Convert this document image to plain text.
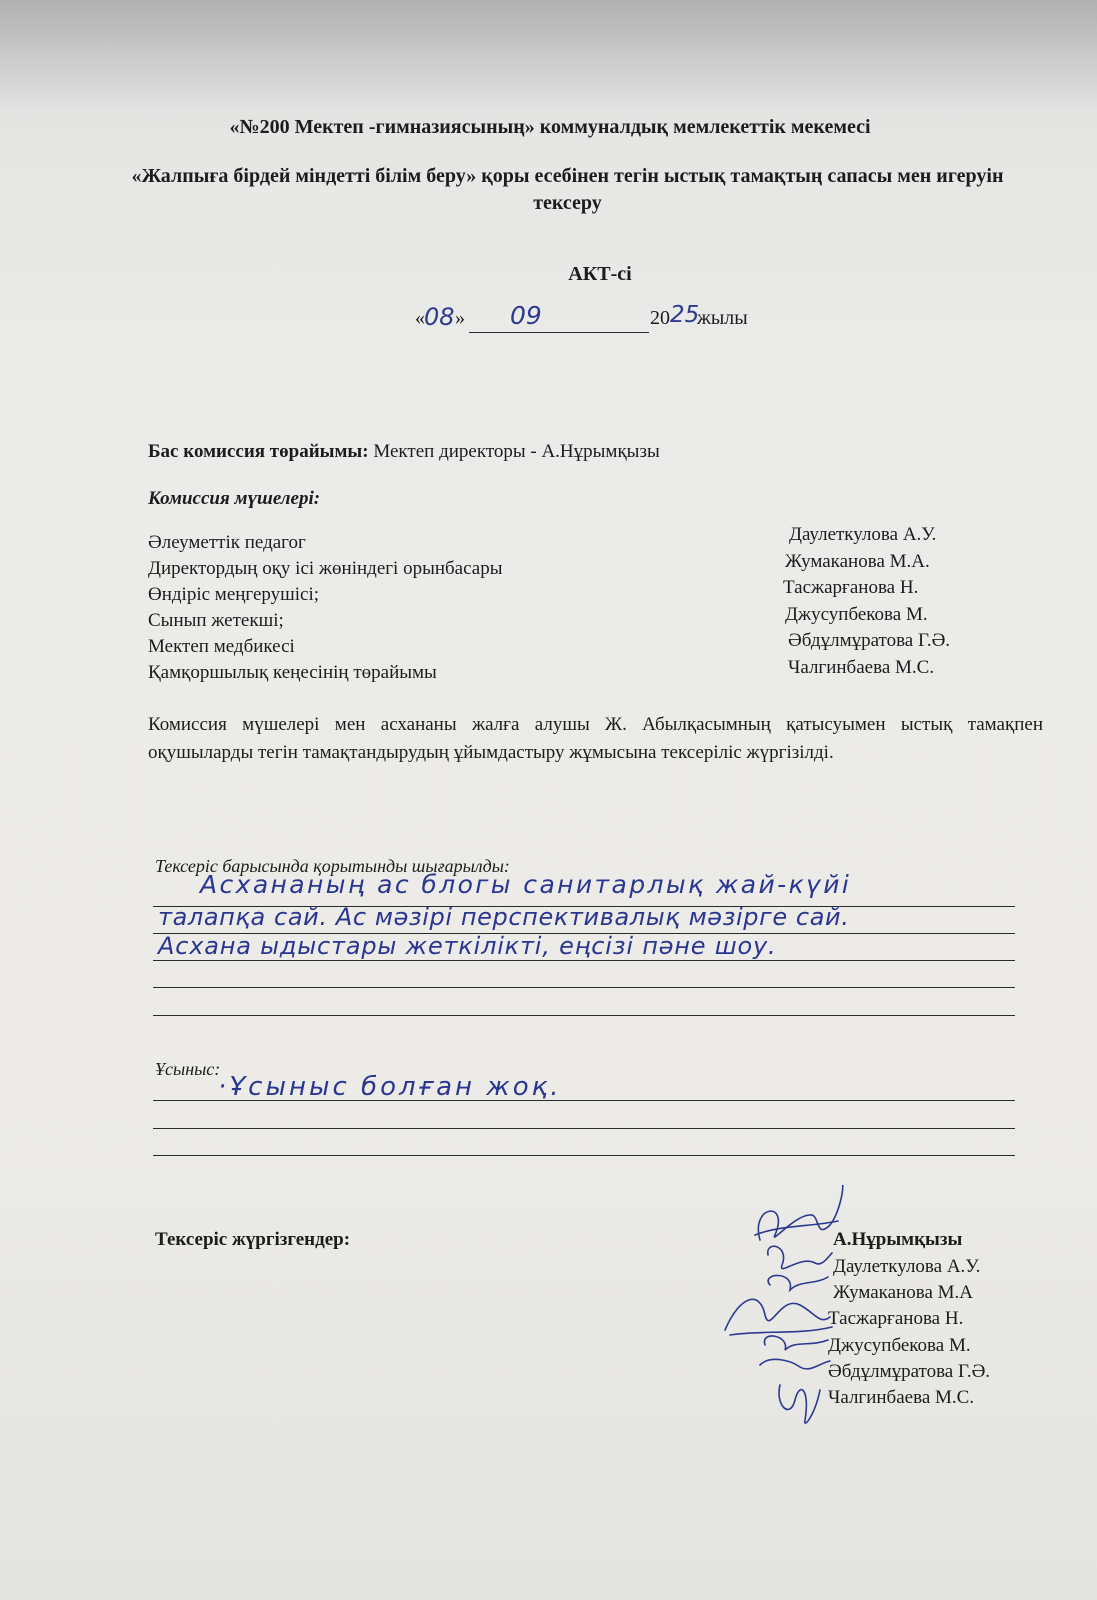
«№200 Мектеп -гимназиясының» коммуналдық мемлекеттік мекемесі
«Жалпыға бірдей міндетті білім беру» қоры есебінен тегін ыстық тамақтың сапасы мен игеруін тексеру
АКТ-сі
« 08 » 09	20 25
жылы
Бас комиссия төрайымы: Мектеп директоры - А.Нұрымқызы
Комиссия мүшелері:
Әлеуметтік педагог	Даулеткулова А.У.
Директордың оқу ісі жөніндегі орынбасары	Жумаканова М.А.
Өндіріс меңгерушісі;	Тасжарғанова Н.
Сынып жетекші;	Джусупбекова М.
Мектеп медбикесі	Әбдұлмұратова Г.Ә.
Қамқоршылық кеңесінің төрайымы	Чалгинбаева М.С.
Комиссия мүшелері мен асхананы жалға алушы Ж. Абылқасымның қатысуымен ыстық тамақпен оқушыларды тегін тамақтандырудың ұйымдастыру жұмысына тексеріліс жүргізілді.
Тексеріс барысында қорытынды шығарылды:
Асхананың ас блогы санитарлық жай-күйі
талапқа сай. Ас мәзірі перспективалық мәзірге сай.
Асхана ыдыстары жеткілікті, еңсізі пәне шоу.
Ұсыныс:
·Ұсыныс болған жоқ.
Тексеріс жүргізгендер:	А.Нұрымқызы
Даулеткулова А.У.
Жумаканова М.А
Тасжарғанова Н.
Джусупбекова М.
Әбдұлмұратова Г.Ә.
Чалгинбаева М.С.
